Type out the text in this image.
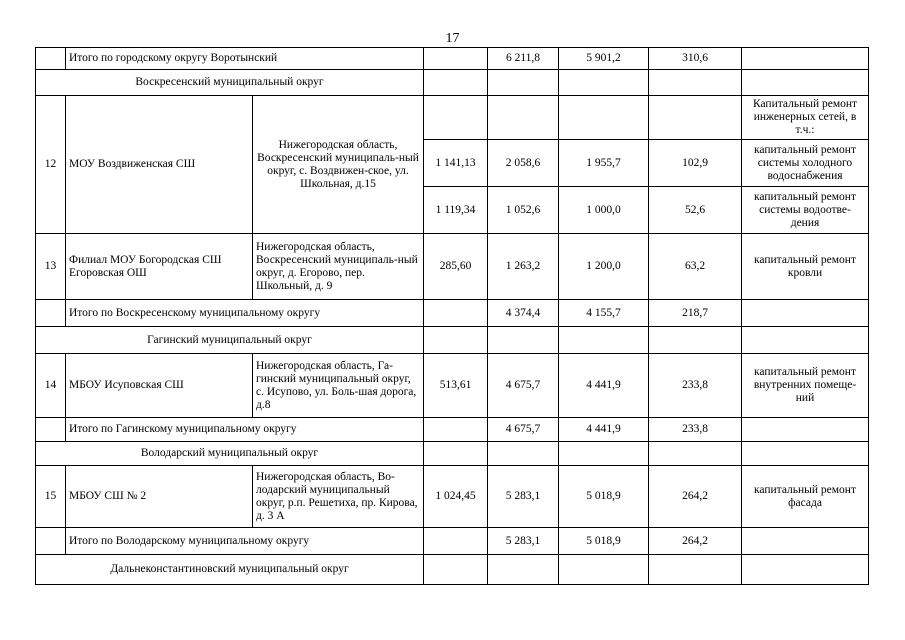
17
	Итого по городскому округу Воротынский			6 211,8	5 901,2	310,6	
Воскресенский муниципальный округ							
12	МОУ Воздвиженская СШ	Нижегородская область, Воскресенский муниципаль-ный округ, с. Воздвижен-ское, ул. Школьная, д.15					Капитальный ремонт инженерных сетей, в т.ч.:
			1 141,13	2 058,6	1 955,7	102,9	капитальный ремонт системы холодного водоснабжения
			1 119,34	1 052,6	1 000,0	52,6	капитальный ремонт системы водоотве-дения
13	Филиал МОУ Богородская СШ Егоровская ОШ	Нижегородская область, Воскресенский муниципаль-ный округ, д. Егорово, пер. Школьный, д. 9	285,60	1 263,2	1 200,0	63,2	капитальный ремонт кровли
	Итого по Воскресенскому муниципальному округу			4 374,4	4 155,7	218,7	
Гагинский муниципальный округ							
14	МБОУ Исуповская СШ	Нижегородская область, Га-гинский муниципальный округ, с. Исупово, ул. Боль-шая дорога, д.8	513,61	4 675,7	4 441,9	233,8	капитальный ремонт внутренних помеще-ний
	Итого по Гагинскому муниципальному округу			4 675,7	4 441,9	233,8	
Володарский муниципальный округ							
15	МБОУ СШ № 2	Нижегородская область, Во-лодарский муниципальный округ, р.п. Решетиха, пр. Кирова, д. 3 А	1 024,45	5 283,1	5 018,9	264,2	капитальный ремонт фасада
	Итого по Володарскому муниципальному округу			5 283,1	5 018,9	264,2	
Дальнеконстантиновский муниципальный округ							
